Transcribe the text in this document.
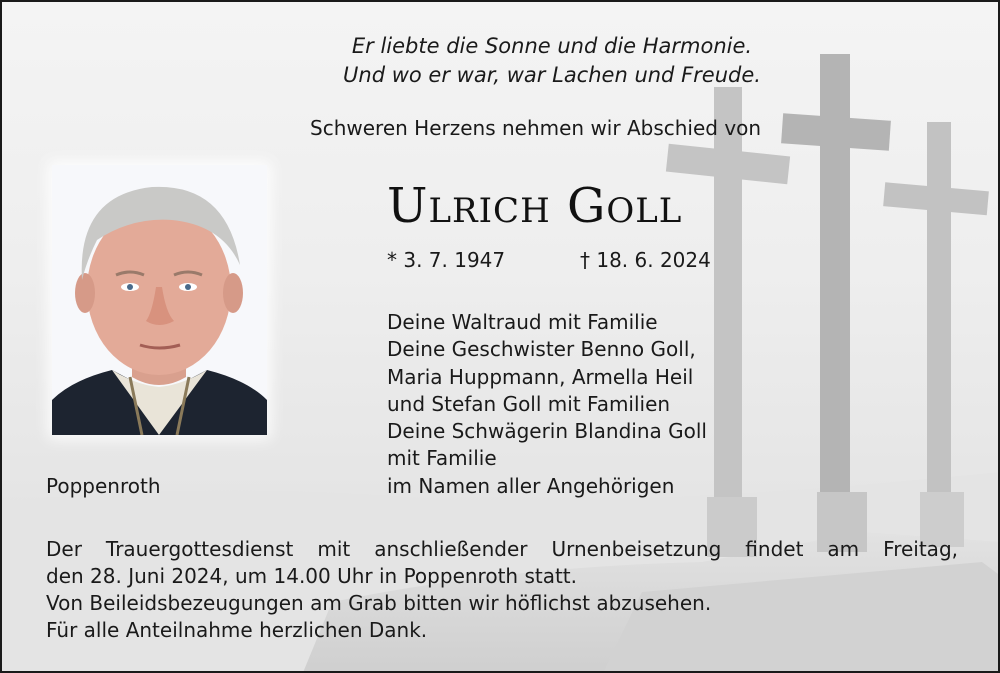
Er liebte die Sonne und die Harmonie.
Und wo er war, war Lachen und Freude.
Schweren Herzens nehmen wir Abschied von
Ulrich Goll
* 3. 7. 1947	† 18. 6. 2024
Deine Waltraud mit Familie
Deine Geschwister Benno Goll,
Maria Huppmann, Armella Heil
und Stefan Goll mit Familien
Deine Schwägerin Blandina Goll
mit Familie
im Namen aller Angehörigen
Poppenroth
Der Trauergottesdienst mit anschließender Urnenbeisetzung findet am Freitag,
den 28. Juni 2024, um 14.00 Uhr in Poppenroth statt.
Von Beileidsbezeugungen am Grab bitten wir höflichst abzusehen.
Für alle Anteilnahme herzlichen Dank.
